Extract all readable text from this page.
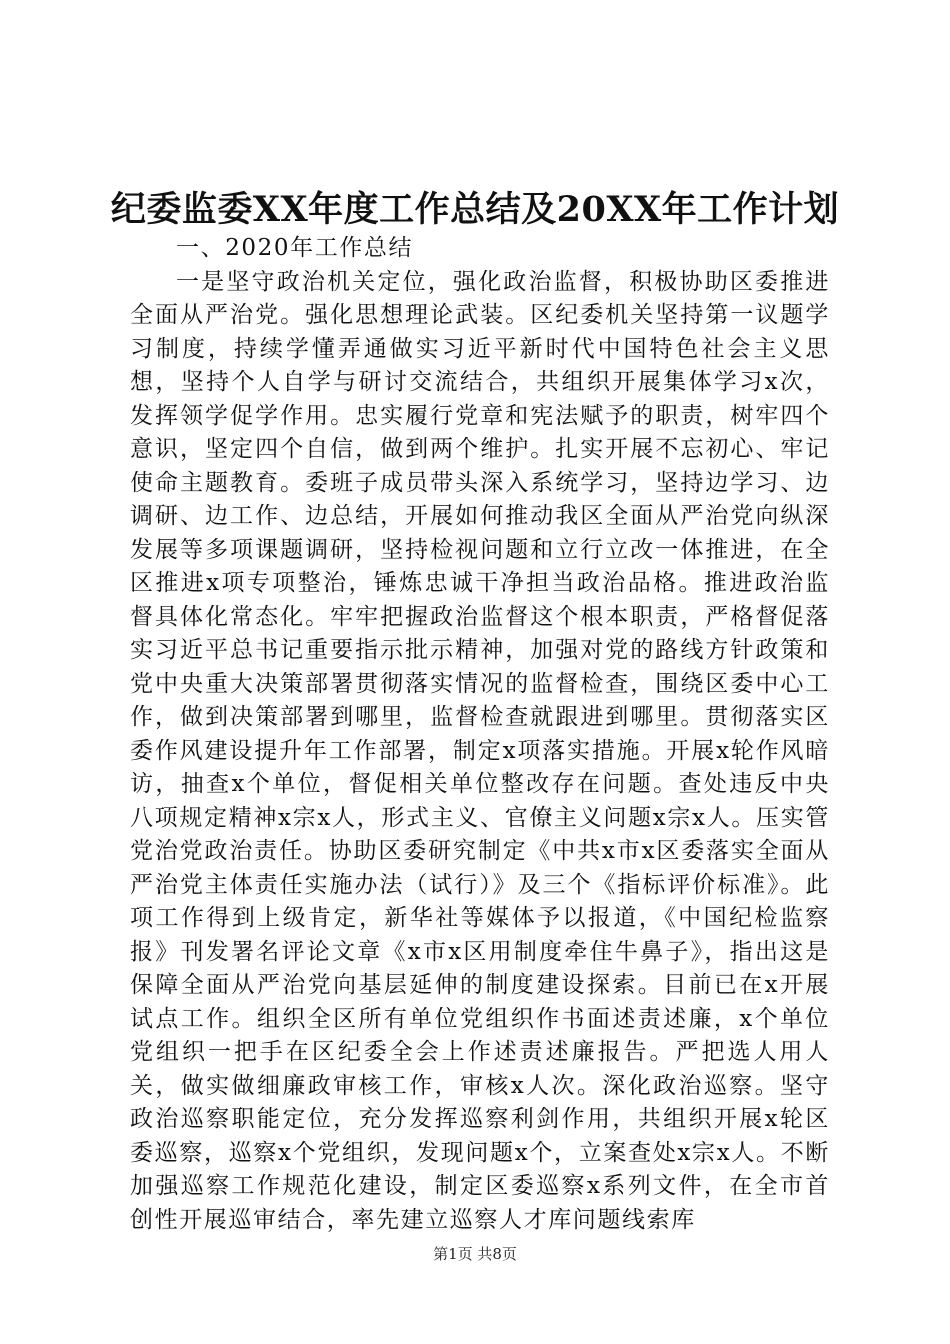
纪委监委XX年度工作总结及20XX年工作计划

一、2020年工作总结

一是坚守政治机关定位，强化政治监督，积极协助区委推进全面从严治党。强化思想理论武装。区纪委机关坚持第一议题学习制度，持续学懂弄通做实习近平新时代中国特色社会主义思想，坚持个人自学与研讨交流结合，共组织开展集体学习x次，发挥领学促学作用。忠实履行党章和宪法赋予的职责，树牢四个意识，坚定四个自信，做到两个维护。扎实开展不忘初心、牢记使命主题教育。委班子成员带头深入系统学习，坚持边学习、边调研、边工作、边总结，开展如何推动我区全面从严治党向纵深发展等多项课题调研，坚持检视问题和立行立改一体推进，在全区推进x项专项整治，锤炼忠诚干净担当政治品格。推进政治监督具体化常态化。牢牢把握政治监督这个根本职责，严格督促落实习近平总书记重要指示批示精神，加强对党的路线方针政策和党中央重大决策部署贯彻落实情况的监督检查，围绕区委中心工作，做到决策部署到哪里，监督检查就跟进到哪里。贯彻落实区委作风建设提升年工作部署，制定x项落实措施。开展x轮作风暗访，抽查x个单位，督促相关单位整改存在问题。查处违反中央八项规定精神x宗x人，形式主义、官僚主义问题x宗x人。压实管党治党政治责任。协助区委研究制定《中共x市x区委落实全面从严治党主体责任实施办法（试行）》及三个《指标评价标准》。此项工作得到上级肯定，新华社等媒体予以报道，《中国纪检监察报》刊发署名评论文章《x市x区用制度牵住牛鼻子》，指出这是保障全面从严治党向基层延伸的制度建设探索。目前已在x开展试点工作。组织全区所有单位党组织作书面述责述廉，x个单位党组织一把手在区纪委全会上作述责述廉报告。严把选人用人关，做实做细廉政审核工作，审核x人次。深化政治巡察。坚守政治巡察职能定位，充分发挥巡察利剑作用，共组织开展x轮区委巡察，巡察x个党组织，发现问题x个，立案查处x宗x人。不断加强巡察工作规范化建设，制定区委巡察x系列文件，在全市首创性开展巡审结合，率先建立巡察人才库问题线索库

第1页 共8页
